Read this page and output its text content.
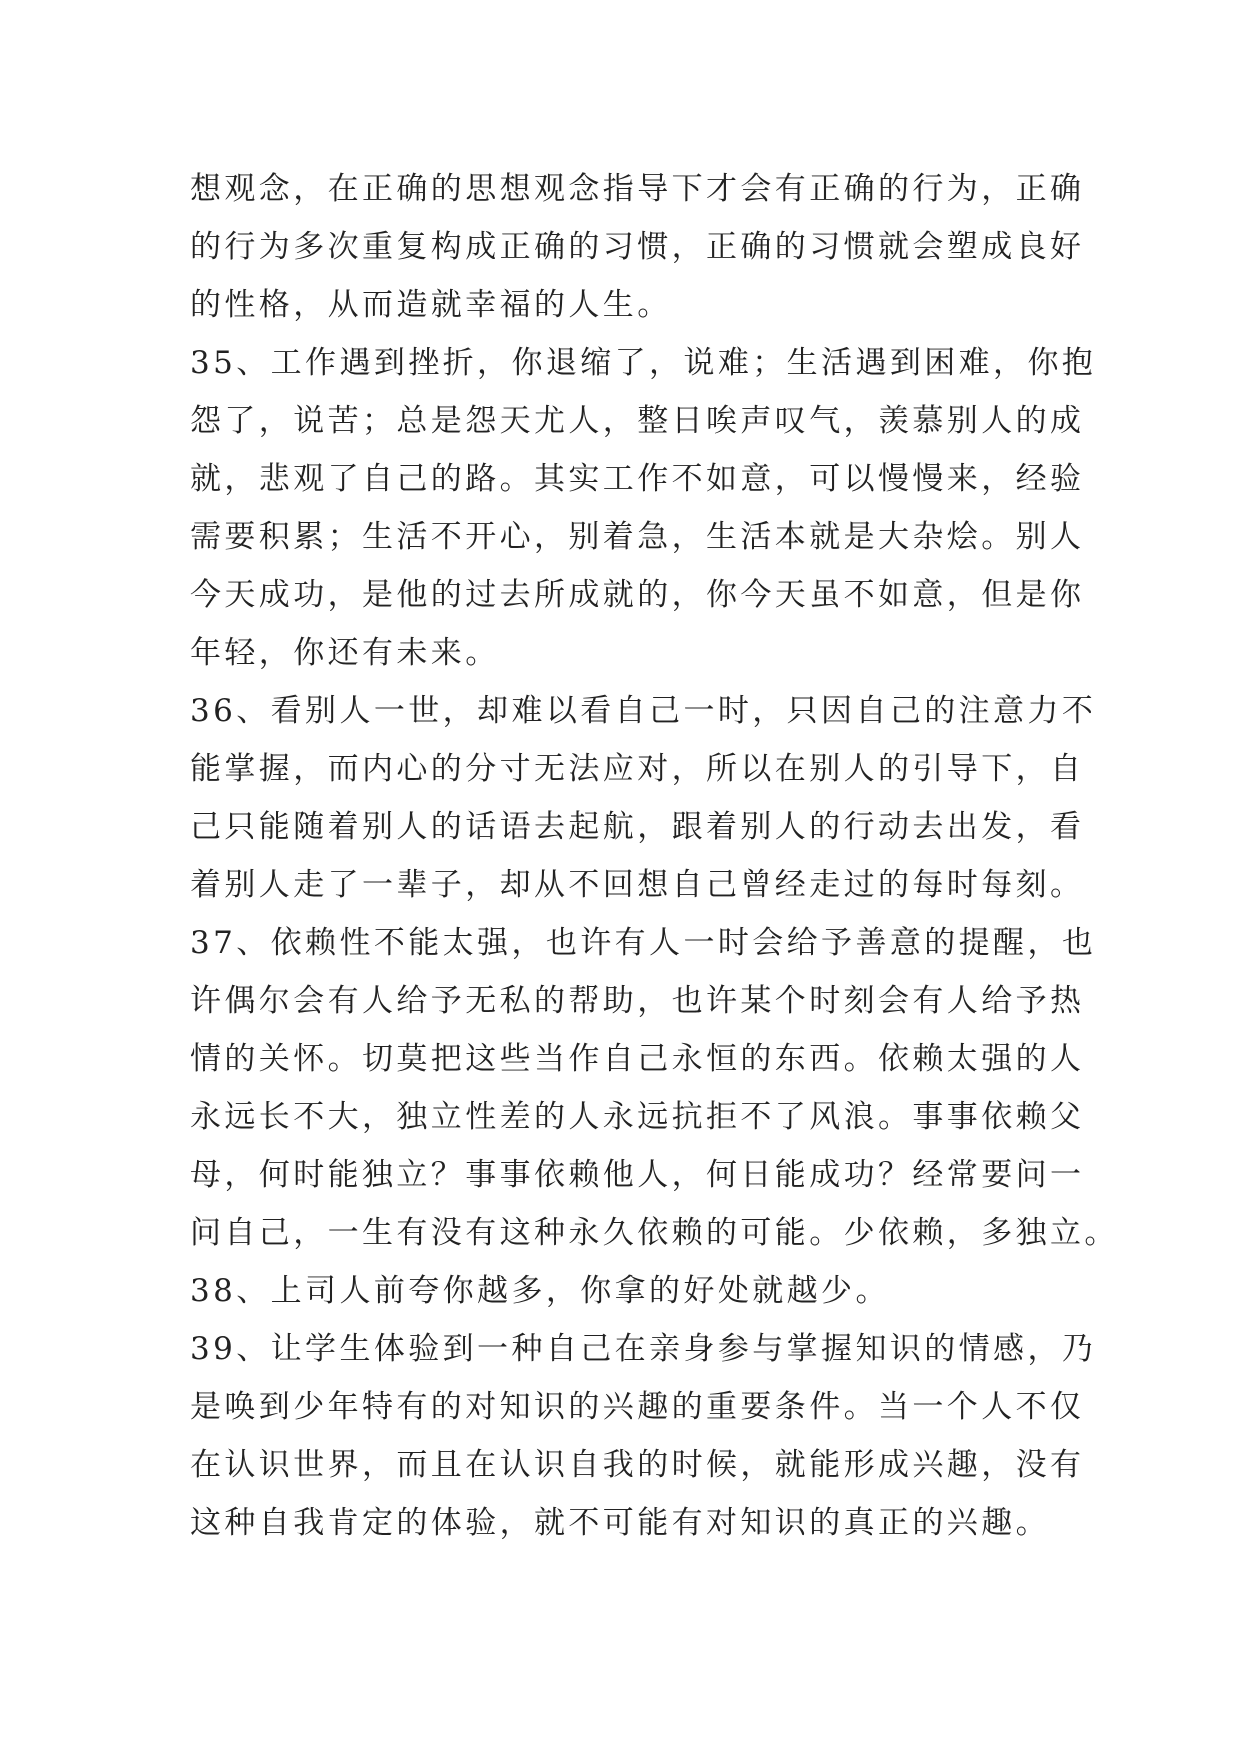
想观念，在正确的思想观念指导下才会有正确的行为，正确
的行为多次重复构成正确的习惯，正确的习惯就会塑成良好
的性格，从而造就幸福的人生。
35、工作遇到挫折，你退缩了，说难；生活遇到困难，你抱
怨了，说苦；总是怨天尤人，整日唉声叹气，羡慕别人的成
就，悲观了自己的路。其实工作不如意，可以慢慢来，经验
需要积累；生活不开心，别着急，生活本就是大杂烩。别人
今天成功，是他的过去所成就的，你今天虽不如意，但是你
年轻，你还有未来。
36、看别人一世，却难以看自己一时，只因自己的注意力不
能掌握，而内心的分寸无法应对，所以在别人的引导下，自
己只能随着别人的话语去起航，跟着别人的行动去出发，看
着别人走了一辈子，却从不回想自己曾经走过的每时每刻。
37、依赖性不能太强，也许有人一时会给予善意的提醒，也
许偶尔会有人给予无私的帮助，也许某个时刻会有人给予热
情的关怀。切莫把这些当作自己永恒的东西。依赖太强的人
永远长不大，独立性差的人永远抗拒不了风浪。事事依赖父
母，何时能独立？事事依赖他人，何日能成功？经常要问一
问自己，一生有没有这种永久依赖的可能。少依赖，多独立。
38、上司人前夸你越多，你拿的好处就越少。
39、让学生体验到一种自己在亲身参与掌握知识的情感，乃
是唤到少年特有的对知识的兴趣的重要条件。当一个人不仅
在认识世界，而且在认识自我的时候，就能形成兴趣，没有
这种自我肯定的体验，就不可能有对知识的真正的兴趣。
